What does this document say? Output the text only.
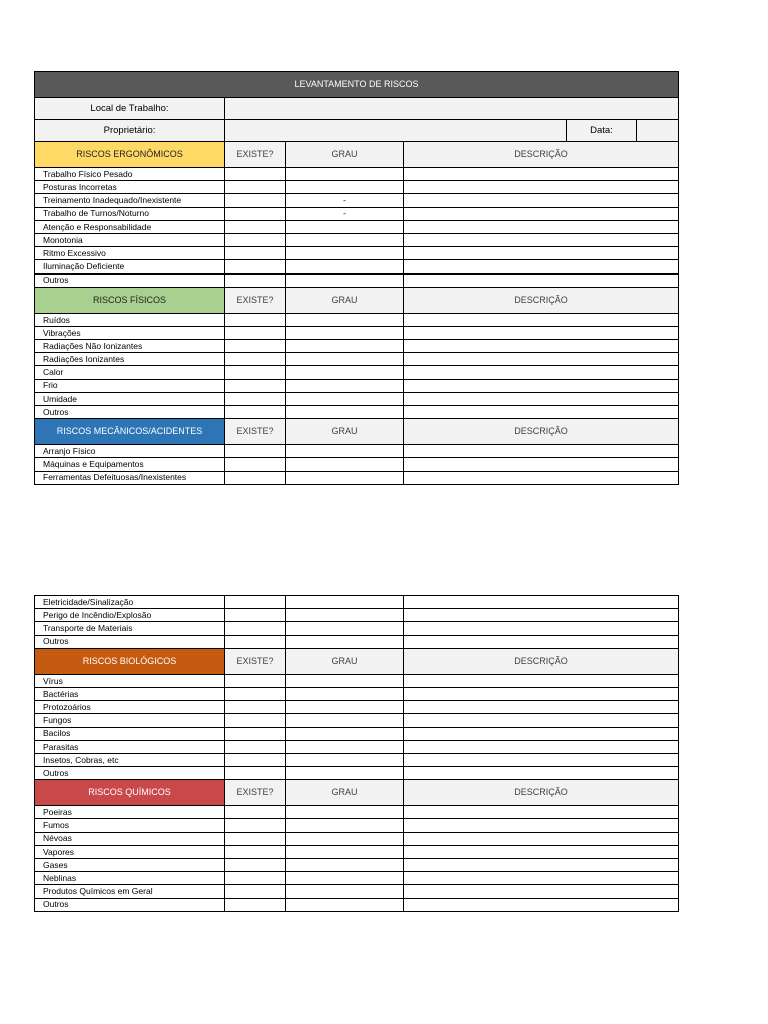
LEVANTAMENTO DE RISCOS			
Local de Trabalho:			
Proprietário:	Data:		

RISCOS ERGONÔMICOS	EXISTE?	GRAU	DESCRIÇÃO
Trabalho Físico Pesado			
Posturas Incorretas			
Treinamento Inadequado/Inexistente		-	
Trabalho de Turnos/Noturno		-	
Atenção e Responsabilidade			
Monotonia			
Ritmo Excessivo			
Iluminação Deficiente			
Outros			
RISCOS FÍSICOS	EXISTE?	GRAU	DESCRIÇÃO
Ruídos			
Vibrações			
Radiações Não Ionizantes			
Radiações Ionizantes			
Calor			
Frio			
Umidade			
Outros			
RISCOS MECÂNICOS/ACIDENTES	EXISTE?	GRAU	DESCRIÇÃO
Arranjo Físico			
Máquinas e Equipamentos			
Ferramentas Defeituosas/Inexistentes			
Eletricidade/Sinalização			
Perigo de Incêndio/Explosão			
Transporte de Materiais			
Outros			
RISCOS BIOLÓGICOS	EXISTE?	GRAU	DESCRIÇÃO
Vírus			
Bactérias			
Protozoários			
Fungos			
Bacilos			
Parasitas			
Insetos, Cobras, etc			
Outros			
RISCOS QUÍMICOS	EXISTE?	GRAU	DESCRIÇÃO
Poeiras			
Fumos			
Névoas			
Vapores			
Gases			
Neblinas			
Produtos Químicos em Geral			
Outros			
